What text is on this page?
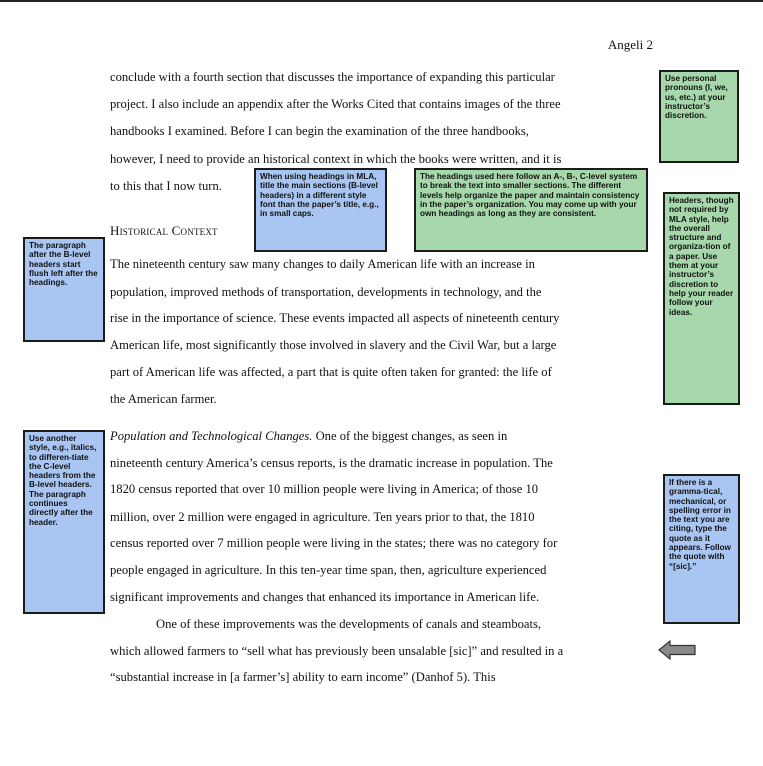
Angeli 2
conclude with a fourth section that discusses the importance of expanding this particular
project. I also include an appendix after the Works Cited that contains images of the three
handbooks I examined. Before I can begin the examination of the three handbooks,
however, I need to provide an historical context in which the books were written, and it is
to this that I now turn.
Historical Context
The nineteenth century saw many changes to daily American life with an increase in
population, improved methods of transportation, developments in technology, and the
rise in the importance of science. These events impacted all aspects of nineteenth century
American life, most significantly those involved in slavery and the Civil War, but a large
part of American life was affected, a part that is quite often taken for granted: the life of
the American farmer.
Population and Technological Changes. One of the biggest changes, as seen in
nineteenth century America’s census reports, is the dramatic increase in population. The
1820 census reported that over 10 million people were living in America; of those 10
million, over 2 million were engaged in agriculture. Ten years prior to that, the 1810
census reported over 7 million people were living in the states; there was no category for
people engaged in agriculture. In this ten-year time span, then, agriculture experienced
significant improvements and changes that enhanced its importance in American life.
One of these improvements was the developments of canals and steamboats,
which allowed farmers to “sell what has previously been unsalable [sic]” and resulted in a
“substantial increase in [a farmer’s] ability to earn income” (Danhof 5). This
Use personal pronouns (I, we, us, etc.) at your instructor’s discretion.
When using headings in MLA, title the main sections (B-level headers) in a different style font than the paper’s title, e.g., in small caps.
The headings used here follow an A-, B-, C-level system to break the text into smaller sections. The different levels help organize the paper and maintain consistency in the paper’s organization. You may come up with your own headings as long as they are consistent.
Headers, though not required by MLA style, help the overall structure and organiza-tion of a paper. Use them at your instructor’s discretion to help your reader follow your ideas.
The paragraph after the B-level headers start flush left after the headings.
Use another style, e.g., italics, to differen-tiate the C-level headers from the B-level headers. The paragraph continues directly after the header.
If there is a gramma-tical, mechanical, or spelling error in the text you are citing, type the quote as it appears. Follow the quote with “[sic].”
